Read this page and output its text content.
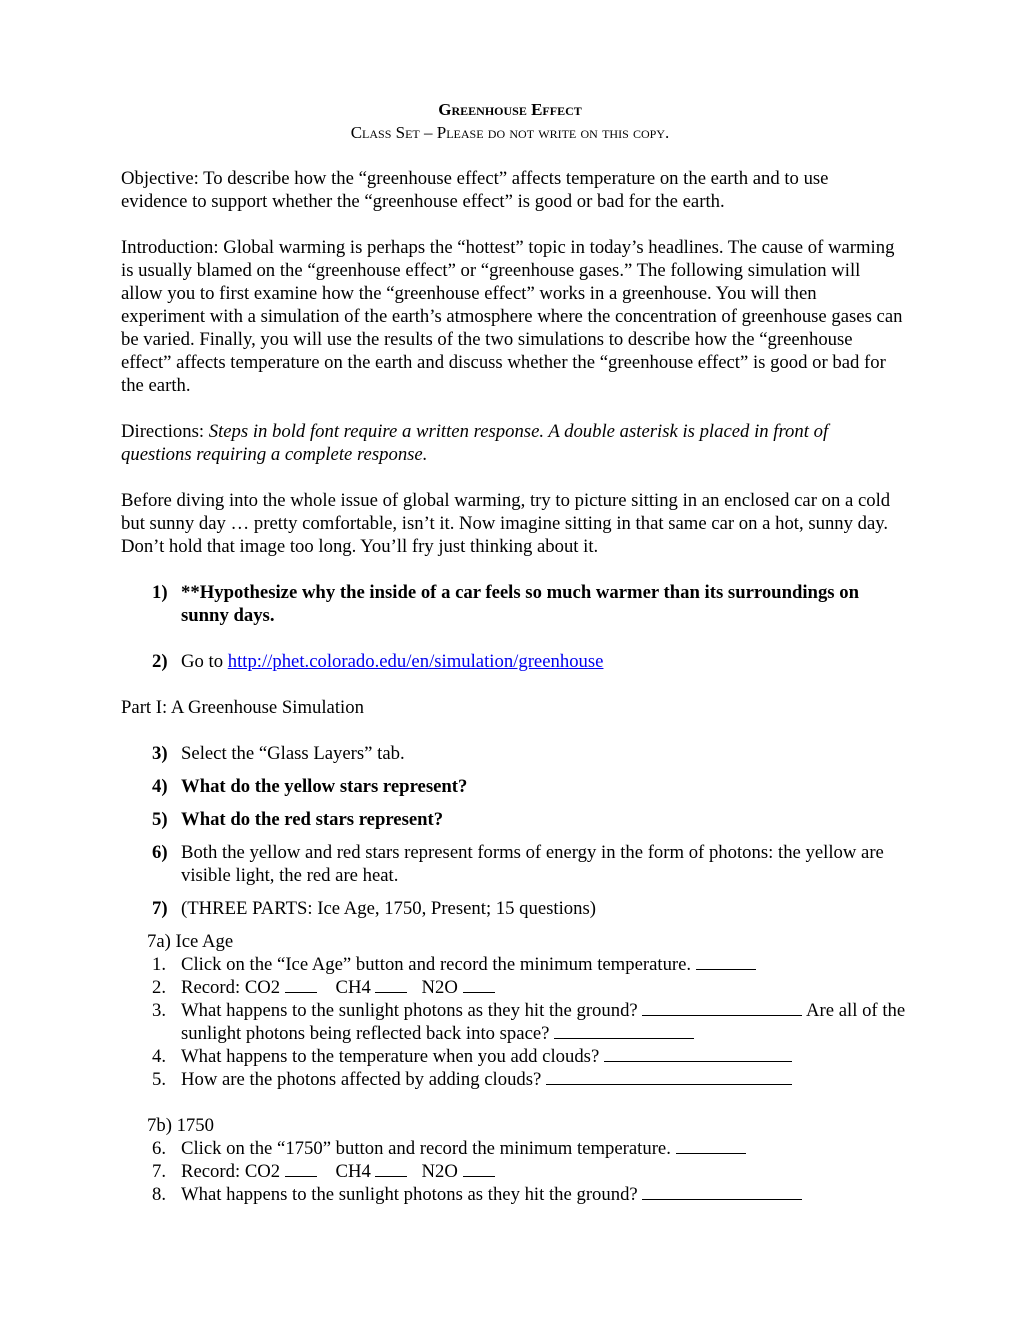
Greenhouse Effect
Class Set – Please do not write on this copy.
Objective: To describe how the “greenhouse effect” affects temperature on the earth and to use
evidence to support whether the “greenhouse effect” is good or bad for the earth.
Introduction: Global warming is perhaps the “hottest” topic in today’s headlines. The cause of warming
is usually blamed on the “greenhouse effect” or “greenhouse gases.” The following simulation will
allow you to first examine how the “greenhouse effect” works in a greenhouse. You will then
experiment with a simulation of the earth’s atmosphere where the concentration of greenhouse gases can
be varied. Finally, you will use the results of the two simulations to describe how the “greenhouse
effect” affects temperature on the earth and discuss whether the “greenhouse effect” is good or bad for
the earth.
Directions: Steps in bold font require a written response. A double asterisk is placed in front of
questions requiring a complete response.
Before diving into the whole issue of global warming, try to picture sitting in an enclosed car on a cold
but sunny day … pretty comfortable, isn’t it. Now imagine sitting in that same car on a hot, sunny day.
Don’t hold that image too long. You’ll fry just thinking about it.
1) **Hypothesize why the inside of a car feels so much warmer than its surroundings on
sunny days.
2) Go to http://phet.colorado.edu/en/simulation/greenhouse
Part I: A Greenhouse Simulation
3) Select the “Glass Layers” tab.
4) What do the yellow stars represent?
5) What do the red stars represent?
6) Both the yellow and red stars represent forms of energy in the form of photons: the yellow are
visible light, the red are heat.
7) (THREE PARTS: Ice Age, 1750, Present; 15 questions)
7a) Ice Age
1. Click on the “Ice Age” button and record the minimum temperature.
2. Record: CO2	CH4    N2O
3. What happens to the sunlight photons as they hit the ground?	Are all of the
sunlight photons being reflected back into space?
4. What happens to the temperature when you add clouds?
5. How are the photons affected by adding clouds?
7b) 1750
6. Click on the “1750” button and record the minimum temperature.
7. Record: CO2	CH4    N2O
8. What happens to the sunlight photons as they hit the ground?
